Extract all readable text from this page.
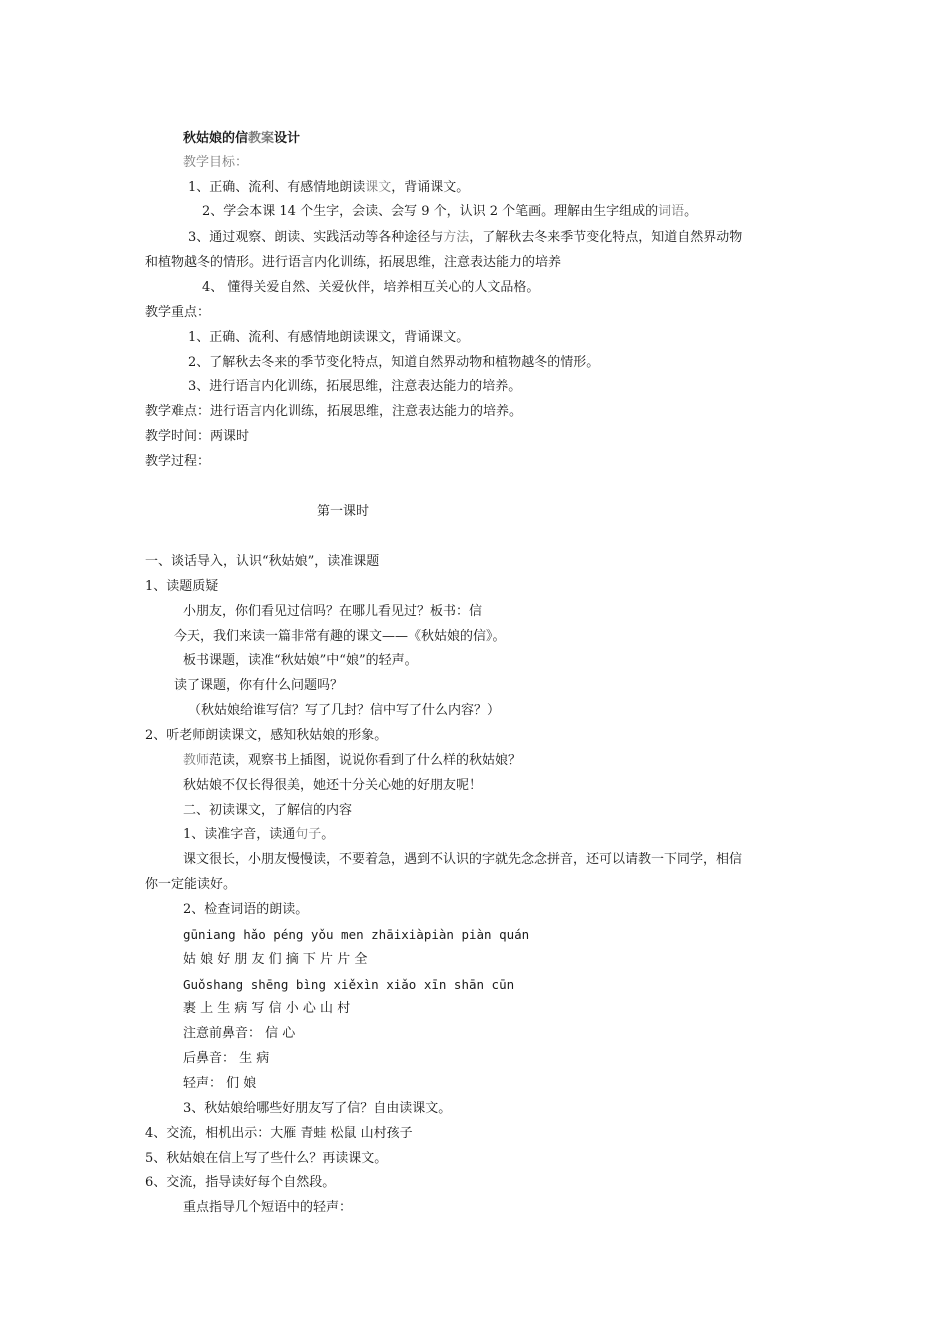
秋姑娘的信教案设计
教学目标：
1、正确、流利、有感情地朗读课文，背诵课文。
2、学会本课 14 个生字，会读、会写 9 个，认识 2 个笔画。理解由生字组成的词语。
3、通过观察、朗读、实践活动等各种途径与方法，了解秋去冬来季节变化特点，知道自然界动物
和植物越冬的情形。进行语言内化训练，拓展思维，注意表达能力的培养
4、 懂得关爱自然、关爱伙伴，培养相互关心的人文品格。
教学重点：
1、正确、流利、有感情地朗读课文，背诵课文。
2、了解秋去冬来的季节变化特点，知道自然界动物和植物越冬的情形。
3、进行语言内化训练，拓展思维，注意表达能力的培养。
教学难点：进行语言内化训练，拓展思维，注意表达能力的培养。
教学时间：两课时
教学过程：
第一课时
一、谈话导入，认识“秋姑娘”，读准课题
1、读题质疑
小朋友，你们看见过信吗？在哪儿看见过？板书：信
今天，我们来读一篇非常有趣的课文——《秋姑娘的信》。
板书课题，读准“秋姑娘”中“娘”的轻声。
读了课题，你有什么问题吗？
（秋姑娘给谁写信？写了几封？信中写了什么内容？）
2、听老师朗读课文，感知秋姑娘的形象。
教师范读，观察书上插图，说说你看到了什么样的秋姑娘？
秋姑娘不仅长得很美，她还十分关心她的好朋友呢！
二、初读课文，了解信的内容
1、读准字音，读通句子。
课文很长，小朋友慢慢读，不要着急，遇到不认识的字就先念念拼音，还可以请教一下同学，相信
你一定能读好。
2、检查词语的朗读。
gūniang hǎo péng yǒu men zhāixiàpiàn piàn quán
姑 娘 好 朋 友 们 摘 下 片 片 全
Guǒshang shēng bìng xiěxìn xiǎo xīn shān cūn
裹 上 生 病 写 信 小 心 山 村
注意前鼻音： 信 心
后鼻音： 生 病
轻声： 们 娘
3、秋姑娘给哪些好朋友写了信？自由读课文。
4、交流，相机出示：大雁 青蛙 松鼠 山村孩子
5、秋姑娘在信上写了些什么？再读课文。
6、交流，指导读好每个自然段。
重点指导几个短语中的轻声：
